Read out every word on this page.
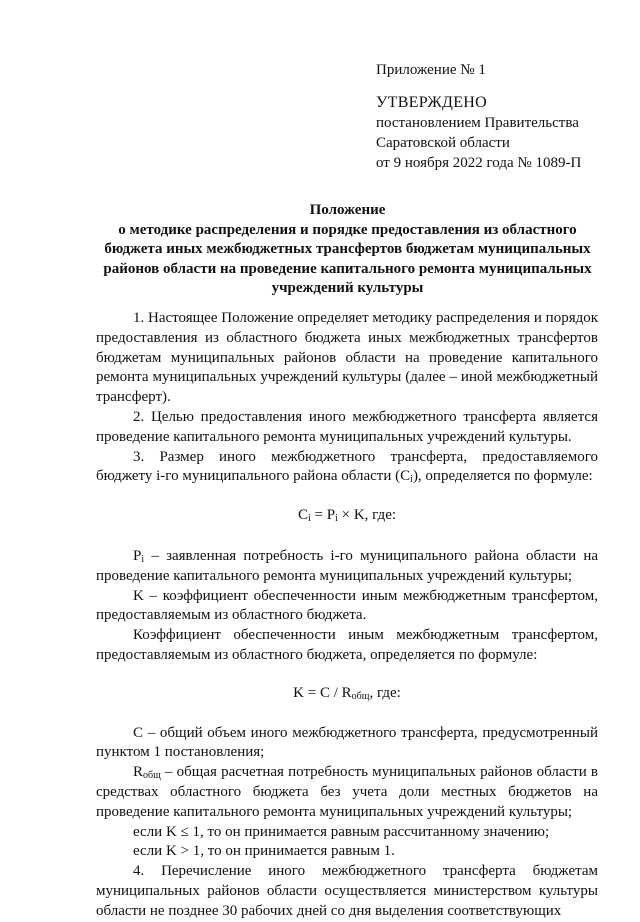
Приложение № 1
УТВЕРЖДЕНО
постановлением Правительства
Саратовской области
от 9 ноября 2022 года № 1089-П
Положение
о методике распределения и порядке предоставления из областного бюджета иных межбюджетных трансфертов бюджетам муниципальных районов области на проведение капитального ремонта муниципальных учреждений культуры

1. Настоящее Положение определяет методику распределения и порядок предоставления из областного бюджета иных межбюджетных трансфертов бюджетам муниципальных районов области на проведение капитального ремонта муниципальных учреждений культуры (далее – иной межбюджетный трансферт).

2. Целью предоставления иного межбюджетного трансферта является проведение капитального ремонта муниципальных учреждений культуры.

3. Размер иного межбюджетного трансферта, предоставляемого бюджету i-го муниципального района области $(C_i)$, определяется по формуле:

$C_i = P_i \times K$, где:

$P_i$ – заявленная потребность i-го муниципального района области на проведение капитального ремонта муниципальных учреждений культуры;

K – коэффициент обеспеченности иным межбюджетным трансфертом, предоставляемым из областного бюджета.

Коэффициент обеспеченности иным межбюджетным трансфертом, предоставляемым из областного бюджета, определяется по формуле:

$K = C / R_{общ}$, где:

C – общий объем иного межбюджетного трансферта, предусмотренный пунктом 1 постановления;

$R_{общ}$ – общая расчетная потребность муниципальных районов области в средствах областного бюджета без учета доли местных бюджетов на проведение капитального ремонта муниципальных учреждений культуры;

если K ≤ 1, то он принимается равным рассчитанному значению;

если K > 1, то он принимается равным 1.

4. Перечисление иного межбюджетного трансферта бюджетам муниципальных районов области осуществляется министерством культуры области не позднее 30 рабочих дней со дня выделения соответствующих
